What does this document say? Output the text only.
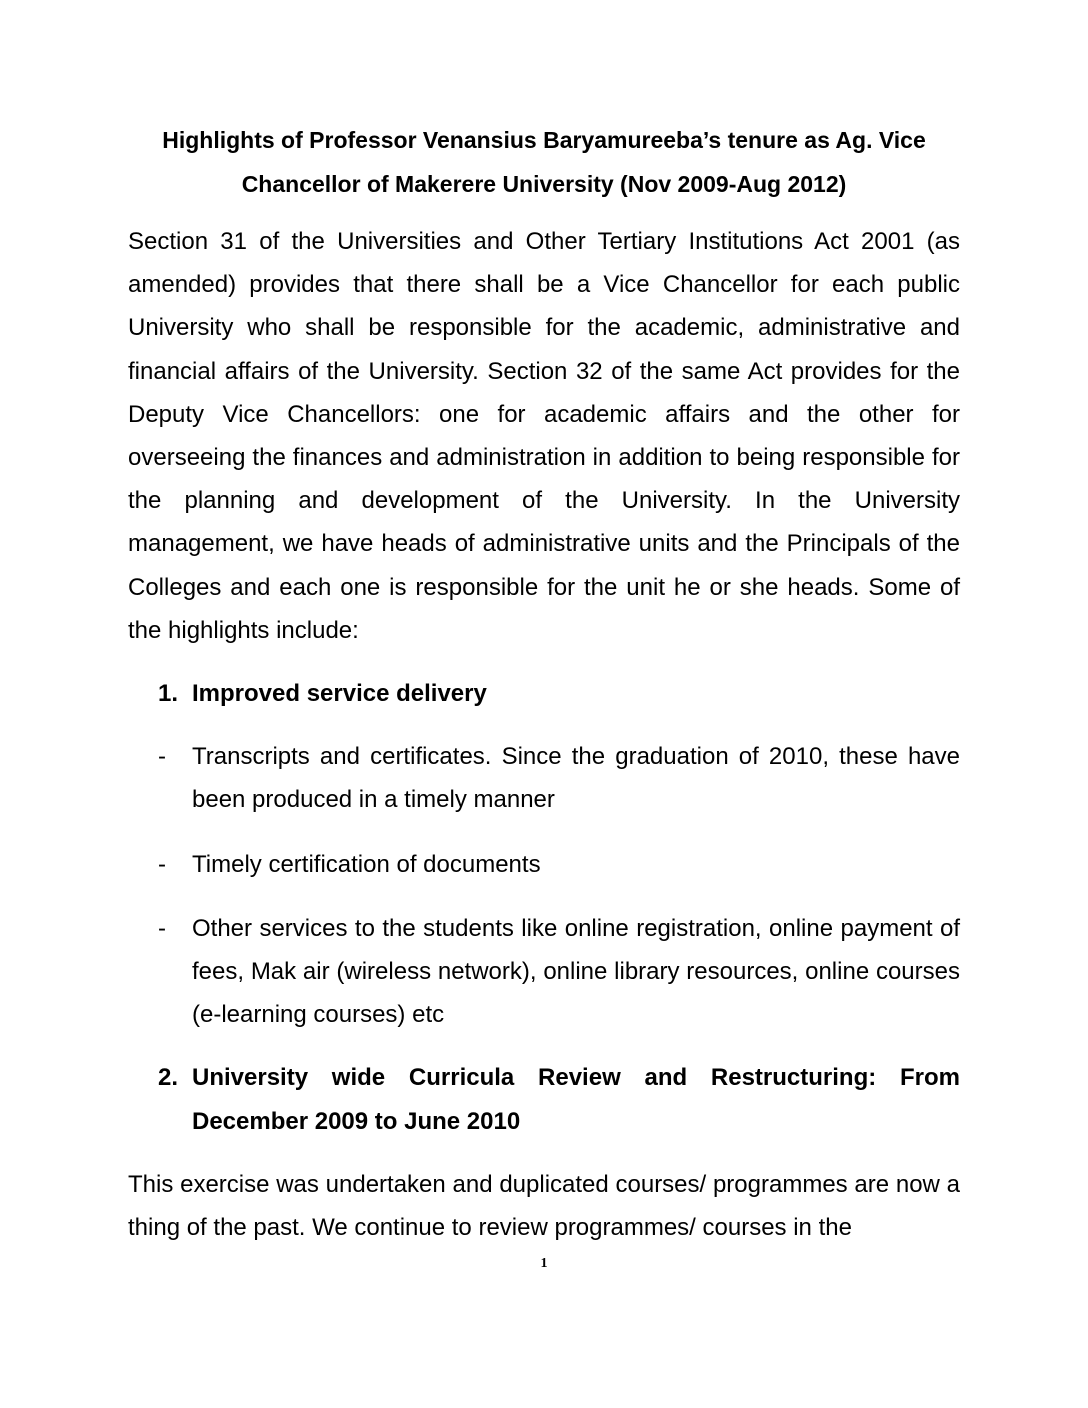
Highlights of Professor Venansius Baryamureeba’s tenure as Ag. Vice
Chancellor of Makerere University (Nov 2009-Aug 2012)

Section 31 of the Universities and Other Tertiary Institutions Act 2001 (as amended) provides that there shall be a Vice Chancellor for each public University who shall be responsible for the academic, administrative and financial affairs of the University. Section 32 of the same Act provides for the Deputy Vice Chancellors: one for academic affairs and the other for overseeing the finances and administration in addition to being responsible for the planning and development of the University. In the University management, we have heads of administrative units and the Principals of the Colleges and each one is responsible for the unit he or she heads. Some of the highlights include:

1. Improved service delivery
-	Transcripts and certificates. Since the graduation of 2010, these have been produced in a timely manner
-	Timely certification of documents
-	Other services to the students like online registration, online payment of fees, Mak air (wireless network), online library resources, online courses (e-learning courses) etc
2. University wide Curricula Review and Restructuring: From December 2009 to June 2010

This exercise was undertaken and duplicated courses/ programmes are now a thing of the past. We continue to review programmes/ courses in the

1
